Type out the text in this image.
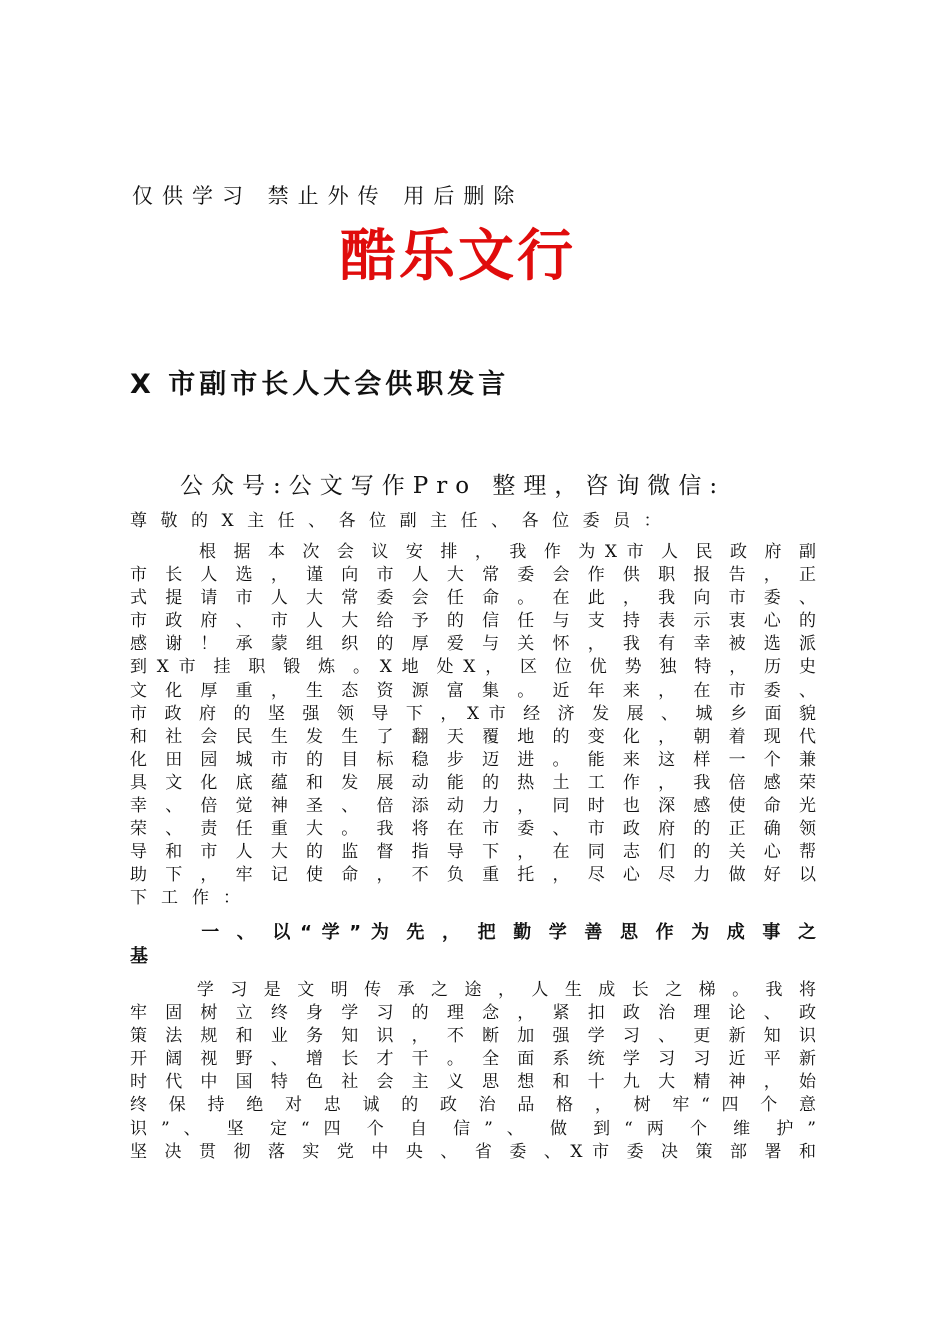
仅供学习 禁止外传 用后删除
酷乐文行
X 市副市长人大会供职发言
公众号:公文写作Pro 整理，咨询微信:
尊敬的X主任、各位副主任、各位委员：
　 　 根 据 本 次 会 议 安 排 ， 我 作 为 X 市 人 民 政 府 副
市 长 人 选 ， 谨 向 市 人 大 常 委 会 作 供 职 报 告 ， 正
式 提 请 市 人 大 常 委 会 任 命 。 在 此 ， 我 向 市 委 、
市 政 府 、 市 人 大 给 予 的 信 任 与 支 持 表 示 衷 心 的
感 谢 ！ 承 蒙 组 织 的 厚 爱 与 关 怀 ， 我 有 幸 被 选 派
到 X 市 挂 职 锻 炼 。 X 地 处 X ， 区 位 优 势 独 特 ， 历 史
文 化 厚 重 ， 生 态 资 源 富 集 。 近 年 来 ， 在 市 委 、
市 政 府 的 坚 强 领 导 下 ， X 市 经 济 发 展 、 城 乡 面 貌
和 社 会 民 生 发 生 了 翻 天 覆 地 的 变 化 ， 朝 着 现 代
化 田 园 城 市 的 目 标 稳 步 迈 进 。 能 来 这 样 一 个 兼
具 文 化 底 蕴 和 发 展 动 能 的 热 土 工 作 ， 我 倍 感 荣
幸 、 倍 觉 神 圣 、 倍 添 动 力 ， 同 时 也 深 感 使 命 光
荣 、 责 任 重 大 。 我 将 在 市 委 、 市 政 府 的 正 确 领
导 和 市 人 大 的 监 督 指 导 下 ， 在 同 志 们 的 关 心 帮
助 下 ， 牢 记 使 命 ， 不 负 重 托 ， 尽 心 尽 力 做 好 以
下工作：
　 　 一 、 以 “ 学 ” 为 先 ， 把 勤 学 善 思 作 为 成 事 之
基
　 　 学 习 是 文 明 传 承 之 途 ， 人 生 成 长 之 梯 。 我 将
牢 固 树 立 终 身 学 习 的 理 念 ， 紧 扣 政 治 理 论 、 政
策 法 规 和 业 务 知 识 ， 不 断 加 强 学 习 、 更 新 知 识
开 阔 视 野 、 增 长 才 干 。 全 面 系 统 学 习 习 近 平 新
时 代 中 国 特 色 社 会 主 义 思 想 和 十 九 大 精 神 ， 始
终 保 持 绝 对 忠 诚 的 政 治 品 格 ， 树 牢 “ 四 个 意
识 ” 、 坚 定 “ 四 个 自 信 ” 、 做 到 “ 两 个 维 护 ”
坚 决 贯 彻 落 实 党 中 央 、 省 委 、 X 市 委 决 策 部 署 和
